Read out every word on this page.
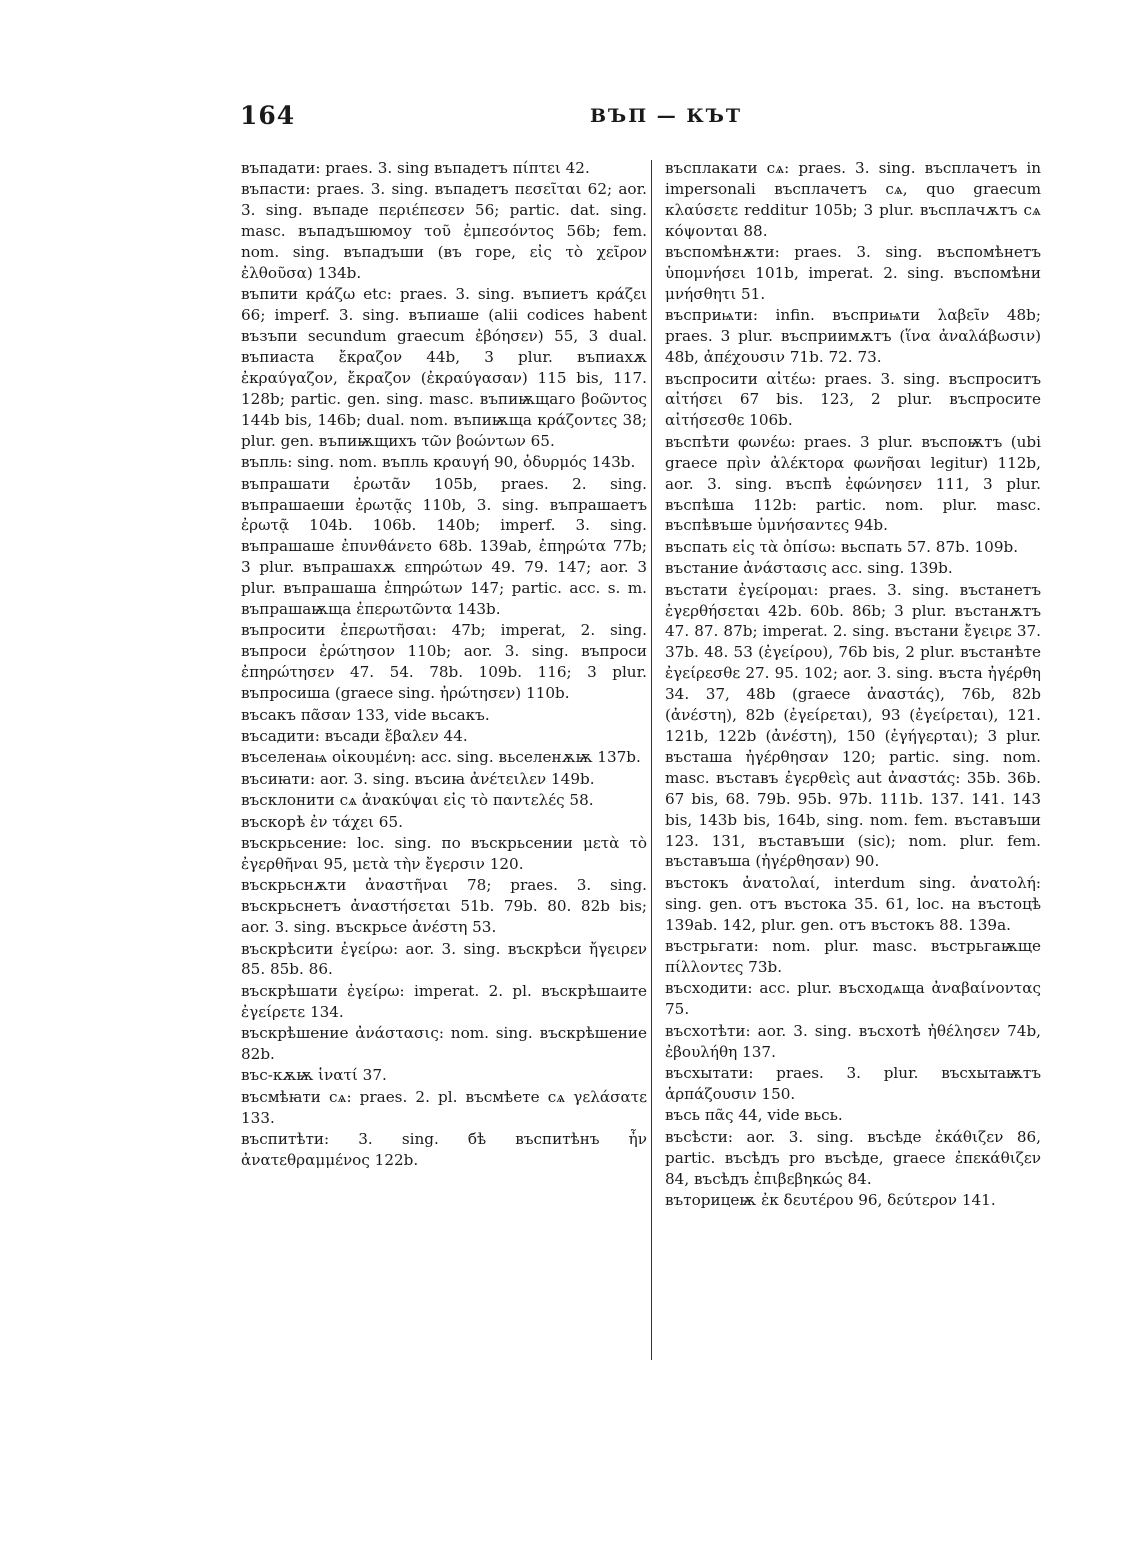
164	ВЪП — КЪТ

въпадати: praes. 3. sing въпадетъ πίπτει 42.

въпасти: praes. 3. sing. въпадетъ πεσεῖται 62; aor. 3. sing. въпаде περιέπεσεν 56; partic. dat. sing. masc. въпадъшюмоу τοῦ ἐμπεσόντος 56b; fem. nom. sing. въпадъши (въ горе, εἰς τὸ χεῖρον ἐλθοῦσα) 134b.

въпити κράζω etc: praes. 3. sing. въпиетъ κράζει 66; imperf. 3. sing. въпиаше (alii codices habent възъпи secundum graecum ἐβόησεν) 55, 3 dual. въпиаста ἔκραζον 44b, 3 plur. въпиахѫ ἐκραύγαζον, ἔκραζον (ἐκραύγασαν) 115 bis, 117. 128b; partic. gen. sing. masc. въпиѭщаго βοῶντος 144b bis, 146b; dual. nom. въпиѭща κράζοντες 38; plur. gen. въпиѭщихъ τῶν βοώντων 65.

въпль: sing. nom. въпль κραυγή 90, ὀδυρμός 143b.

въпрашати ἐρωτᾶν 105b, praes. 2. sing. въпрашаеши ἐρωτᾷς 110b, 3. sing. въпрашаетъ ἐρωτᾷ 104b. 106b. 140b; imperf. 3. sing. въпрашаше ἐπυνθάνετο 68b. 139ab, ἐπηρώτα 77b; 3 plur. въпрашахѫ επηρώτων 49. 79. 147; aor. 3 plur. въпрашаша ἐπηρώτων 147; partic. acc. s. m. въпрашаѭща ἐπερωτῶντα 143b.

въпросити ἐπερωτῆσαι: 47b; imperat, 2. sing. въпроси ἐρώτησον 110b; aor. 3. sing. въпроси ἐπηρώτησεν 47. 54. 78b. 109b. 116; 3 plur. въпросиша (graece sing. ἠρώτησεν) 110b.

въсакъ πᾶσαν 133, vide вьсакъ.

въсадити: въсади ἔβαλεν 44.

въселенаѩ οἰκουμένη: acc. sing. вьселенѫѭ 137b.

въсиꙗти: aor. 3. sing. въсиꙗ ἀνέτειλεν 149b.

въсклонити сѧ ἀνακύψαι εἰς τὸ παντελές 58.

въскорѣ ἐν τάχει 65.

въскрьсение: loc. sing. по въскрьсении μετὰ τὸ ἐγερθῆναι 95, μετὰ τὴν ἔγερσιν 120.

въскрьснѫти ἀναστῆναι 78; praes. 3. sing. въскрьснетъ ἀναστήσεται 51b. 79b. 80. 82b bis; aor. 3. sing. въскрьсе ἀνέστη 53.

въскрѣсити ἐγείρω: aor. 3. sing. въскрѣси ἤγειρεν 85. 85b. 86.

въскрѣшати ἐγείρω: imperat. 2. pl. въскрѣшаите ἐγείρετε 134.

въскрѣшение ἀνάστασις: nom. sing. въскрѣшение 82b.

въс-кѫѭ ἱνατί 37.

въсмѣꙗти сѧ: praes. 2. pl. въсмѣете сѧ γελάσατε 133.

въспитѣти: 3. sing. бѣ въспитѣнъ ἦν ἀνατεθραμμένος 122b.

въсплакати сѧ: praes. 3. sing. въсплачетъ in impersonali въсплачетъ сѧ, quo graecum κλαύσετε redditur 105b; 3 plur. въсплачѫтъ сѧ κόψονται 88.

въспомѣнѫти: praes. 3. sing. въспомѣнетъ ὑπομνήσει 101b, imperat. 2. sing. въспомѣни μνήσθητι 51.

въсприѩти: infin. въсприѩти λαβεῖν 48b; praes. 3 plur. въсприимѫтъ (ἵνα ἀναλάβωσιν) 48b, ἀπέχουσιν 71b. 72. 73.

въспросити αἰτέω: praes. 3. sing. въспроситъ αἰτήσει 67 bis. 123, 2 plur. въспросите αἰτήσεσθε 106b.

въспѣти φωνέω: praes. 3 plur. въспоѭтъ (ubi graece πρὶν ἀλέκτορα φωνῆσαι legitur) 112b, aor. 3. sing. въспѣ ἐφώνησεν 111, 3 plur. въспѣша 112b: partic. nom. plur. masc. въспѣвъше ὑμνήσαντες 94b.

въспать εἰς τὰ ὀπίσω: вьспать 57. 87b. 109b.

въстание ἀνάστασις acc. sing. 139b.

въстати ἐγείρομαι: praes. 3. sing. въстанетъ ἐγερθήσεται 42b. 60b. 86b; 3 plur. въстанѫтъ 47. 87. 87b; imperat. 2. sing. въстани ἔγειρε 37. 37b. 48. 53 (ἐγείρου), 76b bis, 2 plur. въстанѣте ἐγείρεσθε 27. 95. 102; aor. 3. sing. въста ἠγέρθη 34. 37, 48b (graece ἀναστάς), 76b, 82b (ἀνέστη), 82b (ἐγείρεται), 93 (ἐγείρεται), 121. 121b, 122b (ἀνέστη), 150 (ἐγήγερται); 3 plur. въсташа ἠγέρθησαν 120; partic. sing. nom. masc. въставъ ἐγερθεὶς aut ἀναστάς: 35b. 36b. 67 bis, 68. 79b. 95b. 97b. 111b. 137. 141. 143 bis, 143b bis, 164b, sing. nom. fem. въставъши 123. 131, въставъши (sic); nom. plur. fem. въставъша (ἠγέρθησαν) 90.

въстокъ ἀνατολαί, interdum sing. ἀνατολή: sing. gen. отъ въстока 35. 61, loc. на въстоцѣ 139ab. 142, plur. gen. отъ въстокъ 88. 139a.

въстрьгати: nom. plur. masc. въстрьгаѭще πίλλοντες 73b.

въсходити: acc. plur. въсходѧща ἀναβαίνοντας 75.

въсхотѣти: aor. 3. sing. въсхотѣ ἠθέλησεν 74b, ἐβουλήθη 137.

въсхытати: praes. 3. plur. въсхытаѭтъ ἁρπάζουσιν 150.

въсь πᾶς 44, vide вьсь.

въсѣсти: aor. 3. sing. въсѣде ἐκάθιζεν 86, partic. въсѣдъ pro въсѣде, graece ἐπεκάθιζεν 84, въсѣдъ ἐπιβεβηκώς 84.

въторицеѭ ἐκ δευτέρου 96, δεύτερον 141.
